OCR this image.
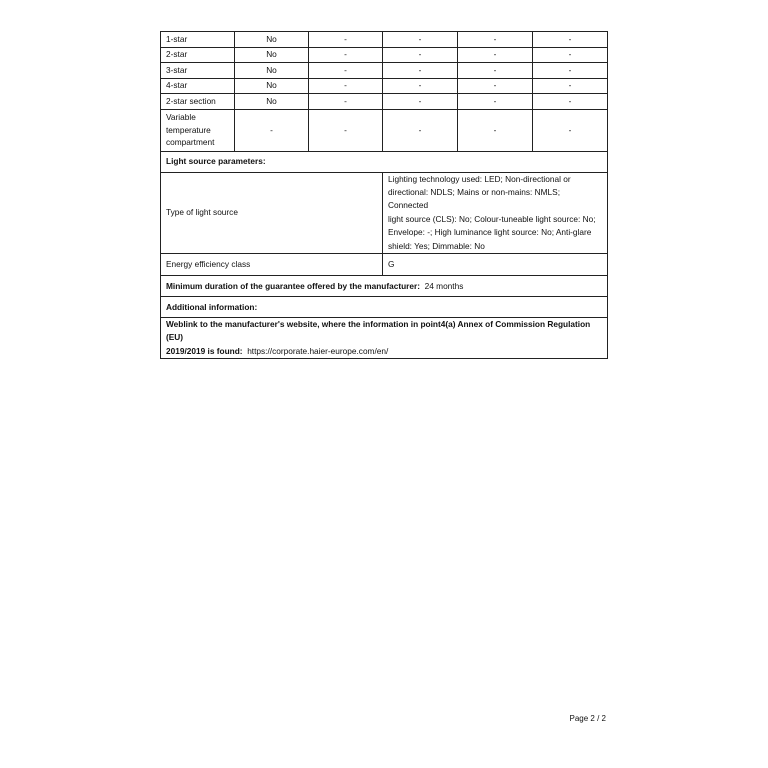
1-star	No	-	-	-	-
2-star	No	-	-	-	-
3-star	No	-	-	-	-
4-star	No	-	-	-	-
2-star section	No	-	-	-	-

Variable
temperature
compartment	-	-	-	-	-
Light source parameters:					
Type of light source			Lighting technology used: LED; Non-directional or
directional: NDLS; Mains or non-mains: NMLS; Connected
light source (CLS): No; Colour-tuneable light source: No;
Envelope: -; High luminance light source: No; Anti-glare
shield: Yes; Dimmable: No		

Energy efficiency class			G		
Minimum duration of the guarantee offered by the manufacturer: 24 months					
Additional information:					

Weblink to the manufacturer's website, where the information in point4(a) Annex of Commission Regulation (EU)
2019/2019 is found: https://corporate.haier-europe.com/en/					
Page 2 / 2
